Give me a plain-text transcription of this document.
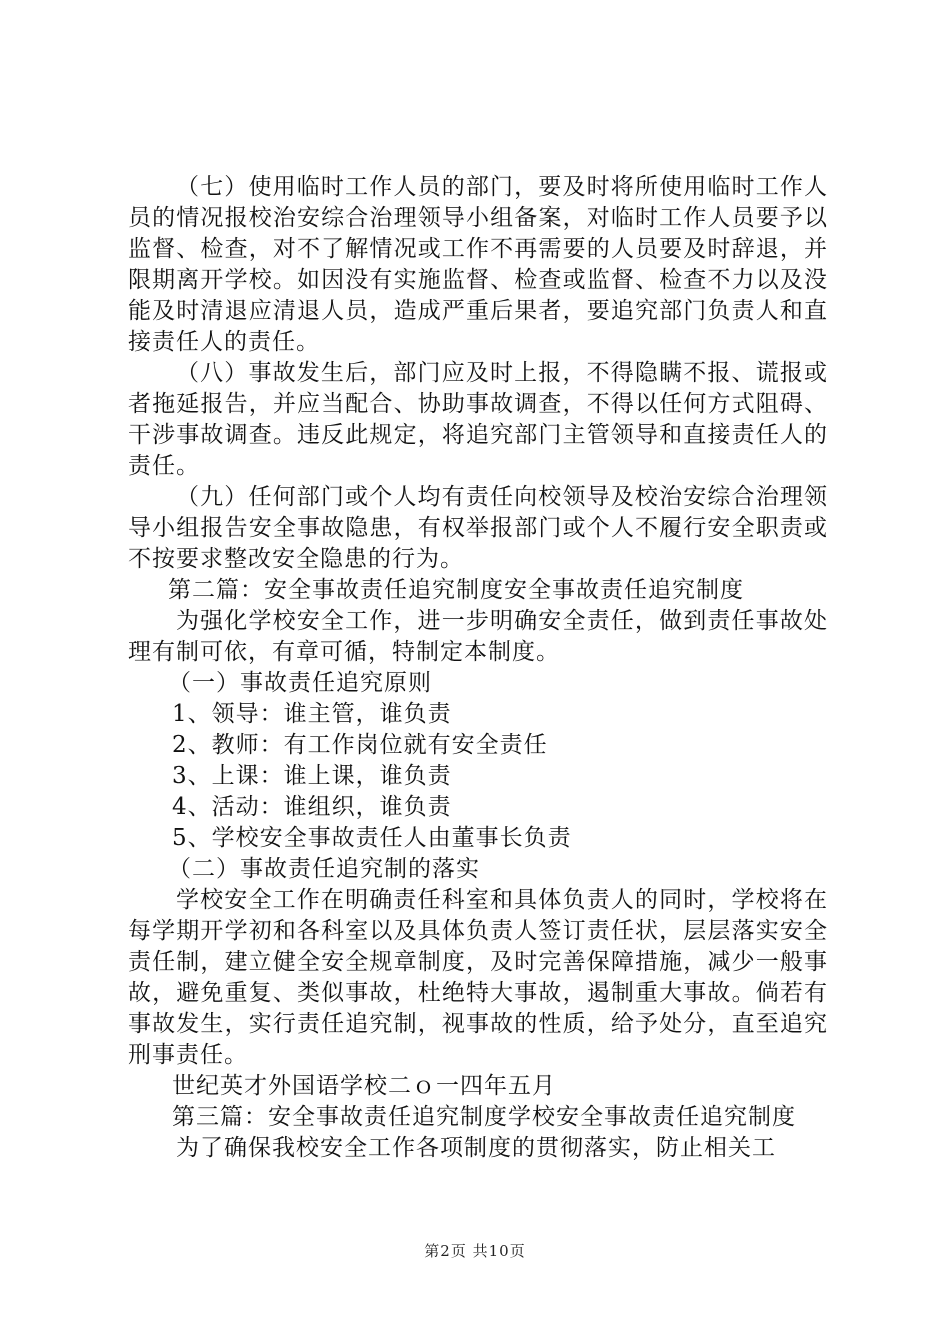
（七）使用临时工作人员的部门，要及时将所使用临时工作人员的情况报校治安综合治理领导小组备案，对临时工作人员要予以监督、检查，对不了解情况或工作不再需要的人员要及时辞退，并限期离开学校。如因没有实施监督、检查或监督、检查不力以及没能及时清退应清退人员，造成严重后果者，要追究部门负责人和直接责任人的责任。

（八）事故发生后，部门应及时上报，不得隐瞒不报、谎报或者拖延报告，并应当配合、协助事故调查，不得以任何方式阻碍、干涉事故调查。违反此规定，将追究部门主管领导和直接责任人的责任。

（九）任何部门或个人均有责任向校领导及校治安综合治理领导小组报告安全事故隐患，有权举报部门或个人不履行安全职责或不按要求整改安全隐患的行为。

第二篇：安全事故责任追究制度安全事故责任追究制度

为强化学校安全工作，进一步明确安全责任，做到责任事故处理有制可依，有章可循，特制定本制度。

（一）事故责任追究原则

1、领导：谁主管，谁负责

2、教师：有工作岗位就有安全责任

3、上课：谁上课，谁负责

4、活动：谁组织，谁负责

5、学校安全事故责任人由董事长负责

（二）事故责任追究制的落实

学校安全工作在明确责任科室和具体负责人的同时，学校将在每学期开学初和各科室以及具体负责人签订责任状，层层落实安全责任制，建立健全安全规章制度，及时完善保障措施，减少一般事故，避免重复、类似事故，杜绝特大事故，遏制重大事故。倘若有事故发生，实行责任追究制，视事故的性质，给予处分，直至追究刑事责任。

世纪英才外国语学校二ｏ一四年五月

第三篇：安全事故责任追究制度学校安全事故责任追究制度

为了确保我校安全工作各项制度的贯彻落实，防止相关工

第2页 共10页
